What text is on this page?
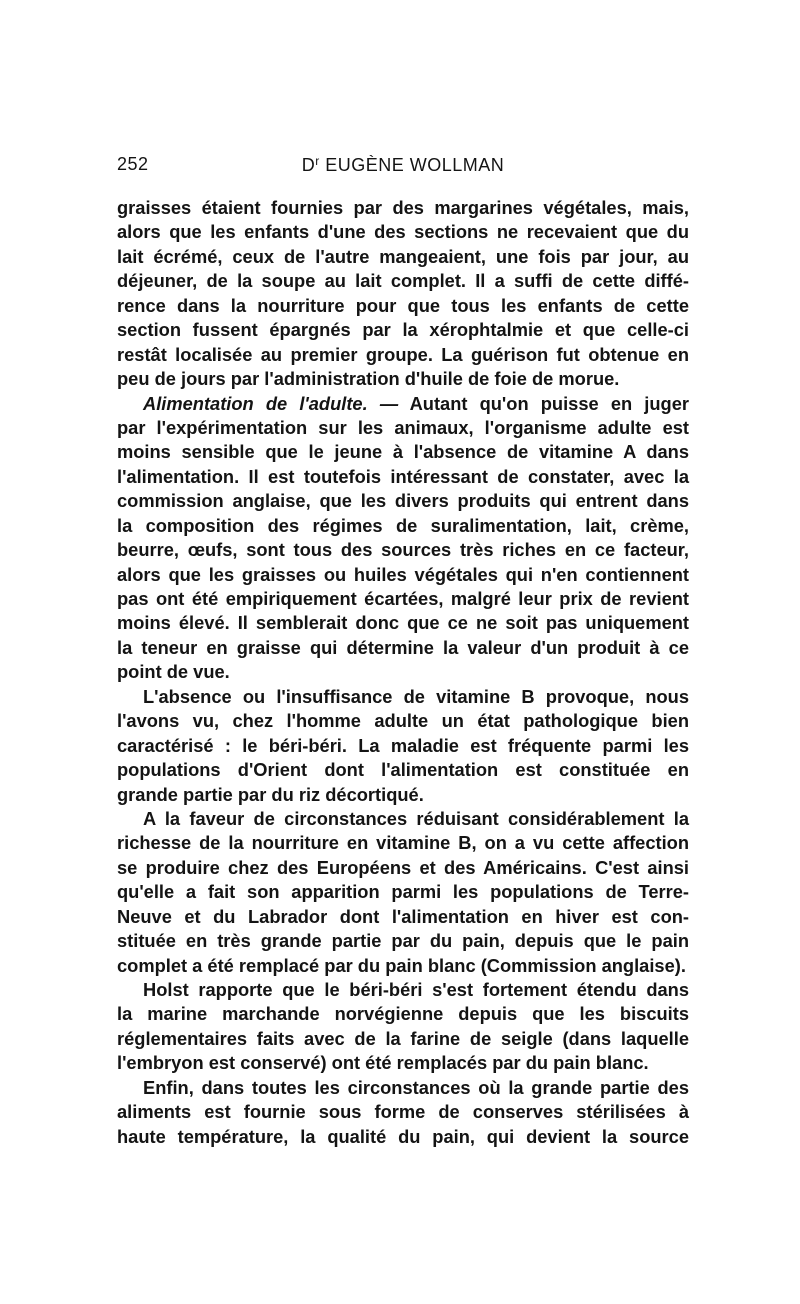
252	$D^r$ EUGÈNE WOLLMAN
graisses étaient fournies par des margarines végétales, mais,
alors que les enfants d'une des sections ne recevaient que du
lait écrémé, ceux de l'autre mangeaient, une fois par jour, au
déjeuner, de la soupe au lait complet. Il a suffi de cette diffé-
rence dans la nourriture pour que tous les enfants de cette
section fussent épargnés par la xérophtalmie et que celle-ci
restât localisée au premier groupe. La guérison fut obtenue en
peu de jours par l'administration d'huile de foie de morue.
Alimentation de l'adulte. — Autant qu'on puisse en juger
par l'expérimentation sur les animaux, l'organisme adulte est
moins sensible que le jeune à l'absence de vitamine A dans
l'alimentation. Il est toutefois intéressant de constater, avec la
commission anglaise, que les divers produits qui entrent dans
la composition des régimes de suralimentation, lait, crème,
beurre, œufs, sont tous des sources très riches en ce facteur,
alors que les graisses ou huiles végétales qui n'en contiennent
pas ont été empiriquement écartées, malgré leur prix de revient
moins élevé. Il semblerait donc que ce ne soit pas uniquement
la teneur en graisse qui détermine la valeur d'un produit à ce
point de vue.
L'absence ou l'insuffisance de vitamine B provoque, nous
l'avons vu, chez l'homme adulte un état pathologique bien
caractérisé : le béri-béri. La maladie est fréquente parmi les
populations d'Orient dont l'alimentation est constituée en
grande partie par du riz décortiqué.
A la faveur de circonstances réduisant considérablement la
richesse de la nourriture en vitamine B, on a vu cette affection
se produire chez des Européens et des Américains. C'est ainsi
qu'elle a fait son apparition parmi les populations de Terre-
Neuve et du Labrador dont l'alimentation en hiver est con-
stituée en très grande partie par du pain, depuis que le pain
complet a été remplacé par du pain blanc (Commission anglaise).
Holst rapporte que le béri-béri s'est fortement étendu dans
la marine marchande norvégienne depuis que les biscuits
réglementaires faits avec de la farine de seigle (dans laquelle
l'embryon est conservé) ont été remplacés par du pain blanc.
Enfin, dans toutes les circonstances où la grande partie des
aliments est fournie sous forme de conserves stérilisées à
haute température, la qualité du pain, qui devient la source
